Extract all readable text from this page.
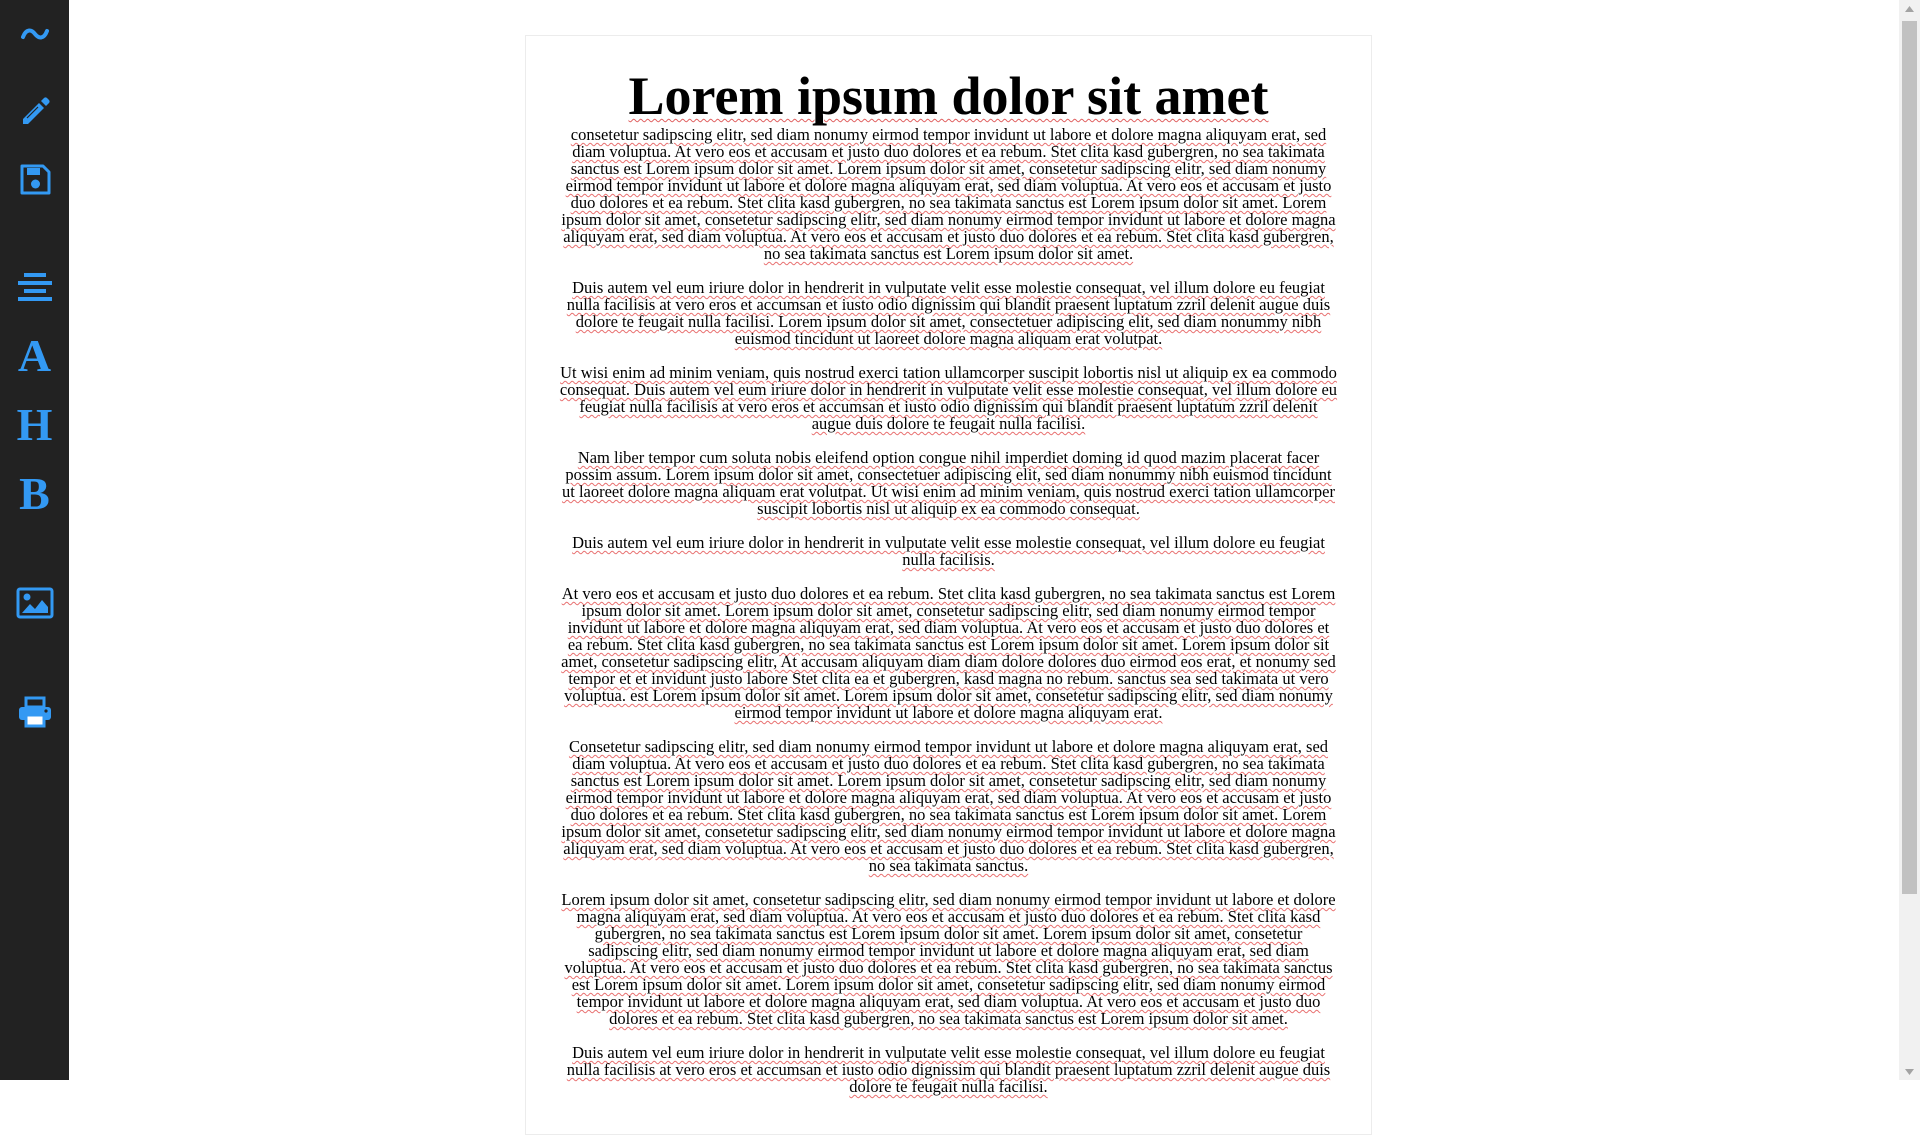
A
H
B
Lorem ipsum dolor sit amet

consetetur sadipscing elitr, sed diam nonumy eirmod tempor invidunt ut labore et dolore magna aliquyam erat, sed diam voluptua. At vero eos et accusam et justo duo dolores et ea rebum. Stet clita kasd gubergren, no sea takimata sanctus est Lorem ipsum dolor sit amet. Lorem ipsum dolor sit amet, consetetur sadipscing elitr, sed diam nonumy eirmod tempor invidunt ut labore et dolore magna aliquyam erat, sed diam voluptua. At vero eos et accusam et justo duo dolores et ea rebum. Stet clita kasd gubergren, no sea takimata sanctus est Lorem ipsum dolor sit amet. Lorem ipsum dolor sit amet, consetetur sadipscing elitr, sed diam nonumy eirmod tempor invidunt ut labore et dolore magna aliquyam erat, sed diam voluptua. At vero eos et accusam et justo duo dolores et ea rebum. Stet clita kasd gubergren, no sea takimata sanctus est Lorem ipsum dolor sit amet.

Duis autem vel eum iriure dolor in hendrerit in vulputate velit esse molestie consequat, vel illum dolore eu feugiat nulla facilisis at vero eros et accumsan et iusto odio dignissim qui blandit praesent luptatum zzril delenit augue duis dolore te feugait nulla facilisi. Lorem ipsum dolor sit amet, consectetuer adipiscing elit, sed diam nonummy nibh euismod tincidunt ut laoreet dolore magna aliquam erat volutpat.

Ut wisi enim ad minim veniam, quis nostrud exerci tation ullamcorper suscipit lobortis nisl ut aliquip ex ea commodo consequat. Duis autem vel eum iriure dolor in hendrerit in vulputate velit esse molestie consequat, vel illum dolore eu feugiat nulla facilisis at vero eros et accumsan et iusto odio dignissim qui blandit praesent luptatum zzril delenit augue duis dolore te feugait nulla facilisi.

Nam liber tempor cum soluta nobis eleifend option congue nihil imperdiet doming id quod mazim placerat facer possim assum. Lorem ipsum dolor sit amet, consectetuer adipiscing elit, sed diam nonummy nibh euismod tincidunt ut laoreet dolore magna aliquam erat volutpat. Ut wisi enim ad minim veniam, quis nostrud exerci tation ullamcorper suscipit lobortis nisl ut aliquip ex ea commodo consequat.

Duis autem vel eum iriure dolor in hendrerit in vulputate velit esse molestie consequat, vel illum dolore eu feugiat nulla facilisis.

At vero eos et accusam et justo duo dolores et ea rebum. Stet clita kasd gubergren, no sea takimata sanctus est Lorem ipsum dolor sit amet. Lorem ipsum dolor sit amet, consetetur sadipscing elitr, sed diam nonumy eirmod tempor invidunt ut labore et dolore magna aliquyam erat, sed diam voluptua. At vero eos et accusam et justo duo dolores et ea rebum. Stet clita kasd gubergren, no sea takimata sanctus est Lorem ipsum dolor sit amet. Lorem ipsum dolor sit amet, consetetur sadipscing elitr, At accusam aliquyam diam diam dolore dolores duo eirmod eos erat, et nonumy sed tempor et et invidunt justo labore Stet clita ea et gubergren, kasd magna no rebum. sanctus sea sed takimata ut vero voluptua. est Lorem ipsum dolor sit amet. Lorem ipsum dolor sit amet, consetetur sadipscing elitr, sed diam nonumy eirmod tempor invidunt ut labore et dolore magna aliquyam erat.

Consetetur sadipscing elitr, sed diam nonumy eirmod tempor invidunt ut labore et dolore magna aliquyam erat, sed diam voluptua. At vero eos et accusam et justo duo dolores et ea rebum. Stet clita kasd gubergren, no sea takimata sanctus est Lorem ipsum dolor sit amet. Lorem ipsum dolor sit amet, consetetur sadipscing elitr, sed diam nonumy eirmod tempor invidunt ut labore et dolore magna aliquyam erat, sed diam voluptua. At vero eos et accusam et justo duo dolores et ea rebum. Stet clita kasd gubergren, no sea takimata sanctus est Lorem ipsum dolor sit amet. Lorem ipsum dolor sit amet, consetetur sadipscing elitr, sed diam nonumy eirmod tempor invidunt ut labore et dolore magna aliquyam erat, sed diam voluptua. At vero eos et accusam et justo duo dolores et ea rebum. Stet clita kasd gubergren, no sea takimata sanctus.

Lorem ipsum dolor sit amet, consetetur sadipscing elitr, sed diam nonumy eirmod tempor invidunt ut labore et dolore magna aliquyam erat, sed diam voluptua. At vero eos et accusam et justo duo dolores et ea rebum. Stet clita kasd gubergren, no sea takimata sanctus est Lorem ipsum dolor sit amet. Lorem ipsum dolor sit amet, consetetur sadipscing elitr, sed diam nonumy eirmod tempor invidunt ut labore et dolore magna aliquyam erat, sed diam voluptua. At vero eos et accusam et justo duo dolores et ea rebum. Stet clita kasd gubergren, no sea takimata sanctus est Lorem ipsum dolor sit amet. Lorem ipsum dolor sit amet, consetetur sadipscing elitr, sed diam nonumy eirmod tempor invidunt ut labore et dolore magna aliquyam erat, sed diam voluptua. At vero eos et accusam et justo duo dolores et ea rebum. Stet clita kasd gubergren, no sea takimata sanctus est Lorem ipsum dolor sit amet.

Duis autem vel eum iriure dolor in hendrerit in vulputate velit esse molestie consequat, vel illum dolore eu feugiat nulla facilisis at vero eros et accumsan et iusto odio dignissim qui blandit praesent luptatum zzril delenit augue duis dolore te feugait nulla facilisi.
